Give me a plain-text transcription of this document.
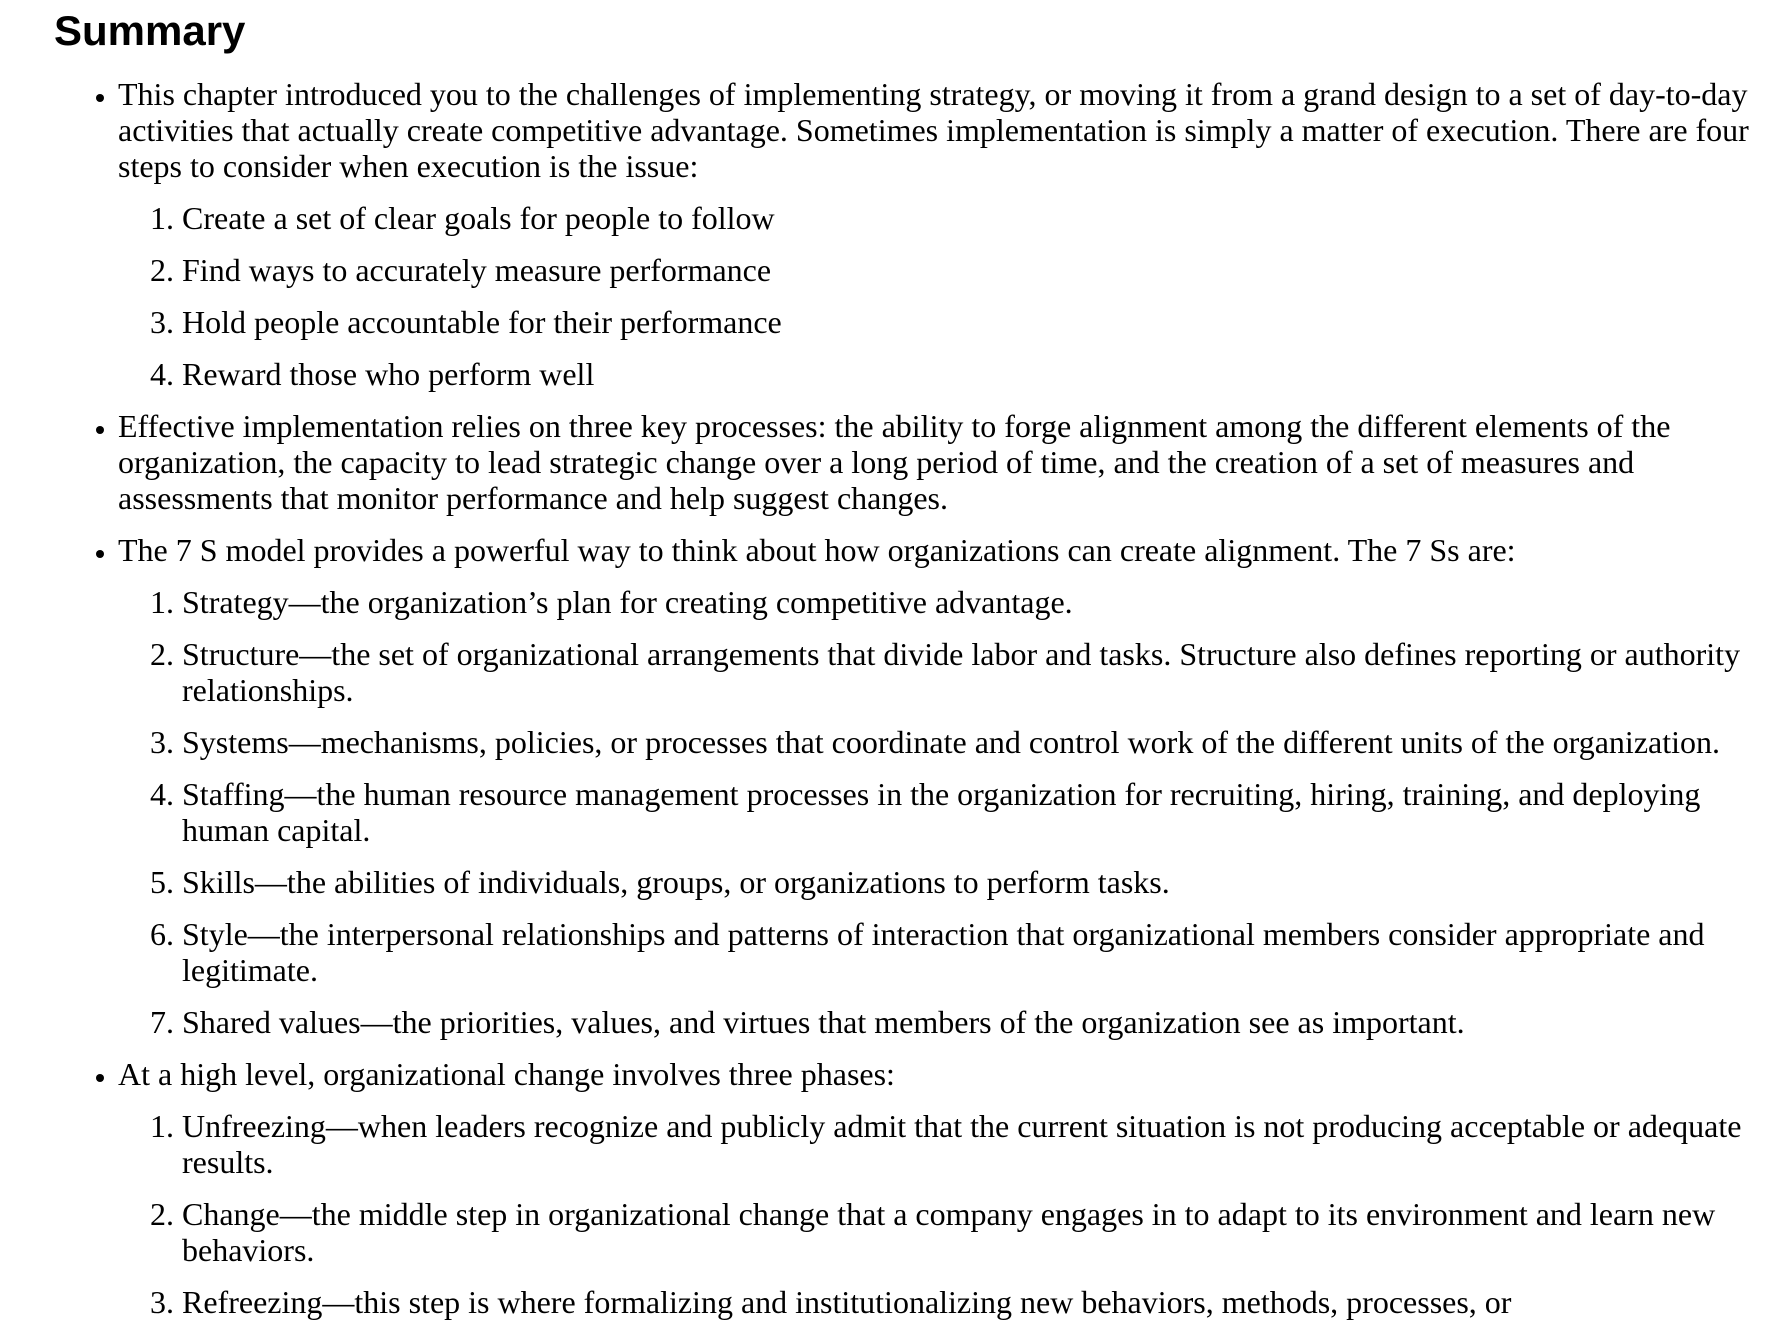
Summary
• This chapter introduced you to the challenges of implementing strategy, or moving it from a grand design to a set of day-to-day activities that actually create competitive advantage. Sometimes implementation is simply a matter of execution. There are four steps to consider when execution is the issue:
1. Create a set of clear goals for people to follow
2. Find ways to accurately measure performance
3. Hold people accountable for their performance
4. Reward those who perform well
• Effective implementation relies on three key processes: the ability to forge alignment among the different elements of the organization, the capacity to lead strategic change over a long period of time, and the creation of a set of measures and assessments that monitor performance and help suggest changes.
• The 7 S model provides a powerful way to think about how organizations can create alignment. The 7 Ss are:
1. Strategy—the organization’s plan for creating competitive advantage.
2. Structure—the set of organizational arrangements that divide labor and tasks. Structure also defines reporting or authority relationships.
3. Systems—mechanisms, policies, or processes that coordinate and control work of the different units of the organization.
4. Staffing—the human resource management processes in the organization for recruiting, hiring, training, and deploying human capital.
5. Skills—the abilities of individuals, groups, or organizations to perform tasks.
6. Style—the interpersonal relationships and patterns of interaction that organizational members consider appropriate and legitimate.
7. Shared values—the priorities, values, and virtues that members of the organization see as important.
• At a high level, organizational change involves three phases:
1. Unfreezing—when leaders recognize and publicly admit that the current situation is not producing acceptable or adequate results.
2. Change—the middle step in organizational change that a company engages in to adapt to its environment and learn new behaviors.
3. Refreezing—this step is where formalizing and institutionalizing new behaviors, methods, processes, or
